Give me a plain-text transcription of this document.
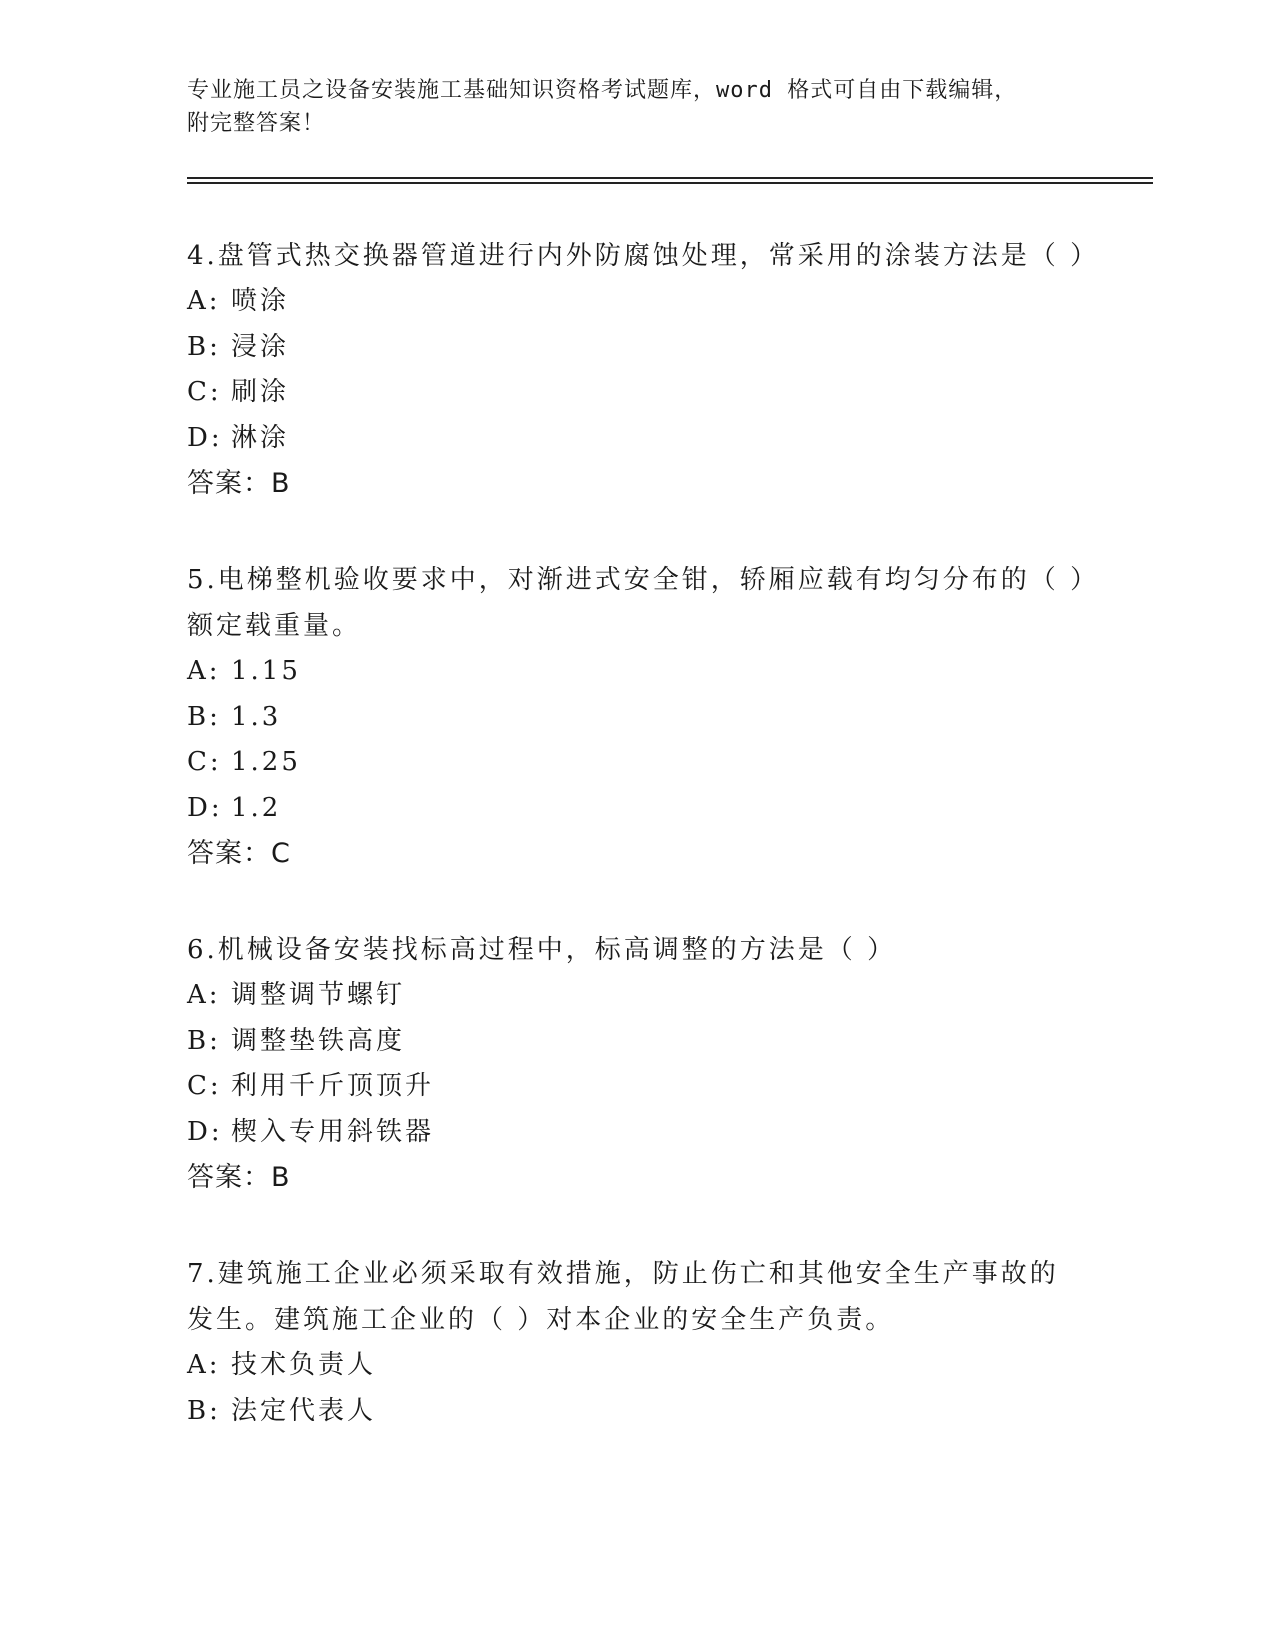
专业施工员之设备安装施工基础知识资格考试题库，word 格式可自由下载编辑，
附完整答案！

4.盘管式热交换器管道进行内外防腐蚀处理，常采用的涂装方法是（ ）

A: 喷涂

B: 浸涂

C: 刷涂

D: 淋涂

答案：B

5.电梯整机验收要求中，对渐进式安全钳，轿厢应载有均匀分布的（ ）额定载重量。

A: 1.15

B: 1.3

C: 1.25

D: 1.2

答案：C

6.机械设备安装找标高过程中，标高调整的方法是（ ）

A: 调整调节螺钉

B: 调整垫铁高度

C: 利用千斤顶顶升

D: 楔入专用斜铁器

答案：B

7.建筑施工企业必须采取有效措施，防止伤亡和其他安全生产事故的发生。建筑施工企业的（ ）对本企业的安全生产负责。

A: 技术负责人

B: 法定代表人
